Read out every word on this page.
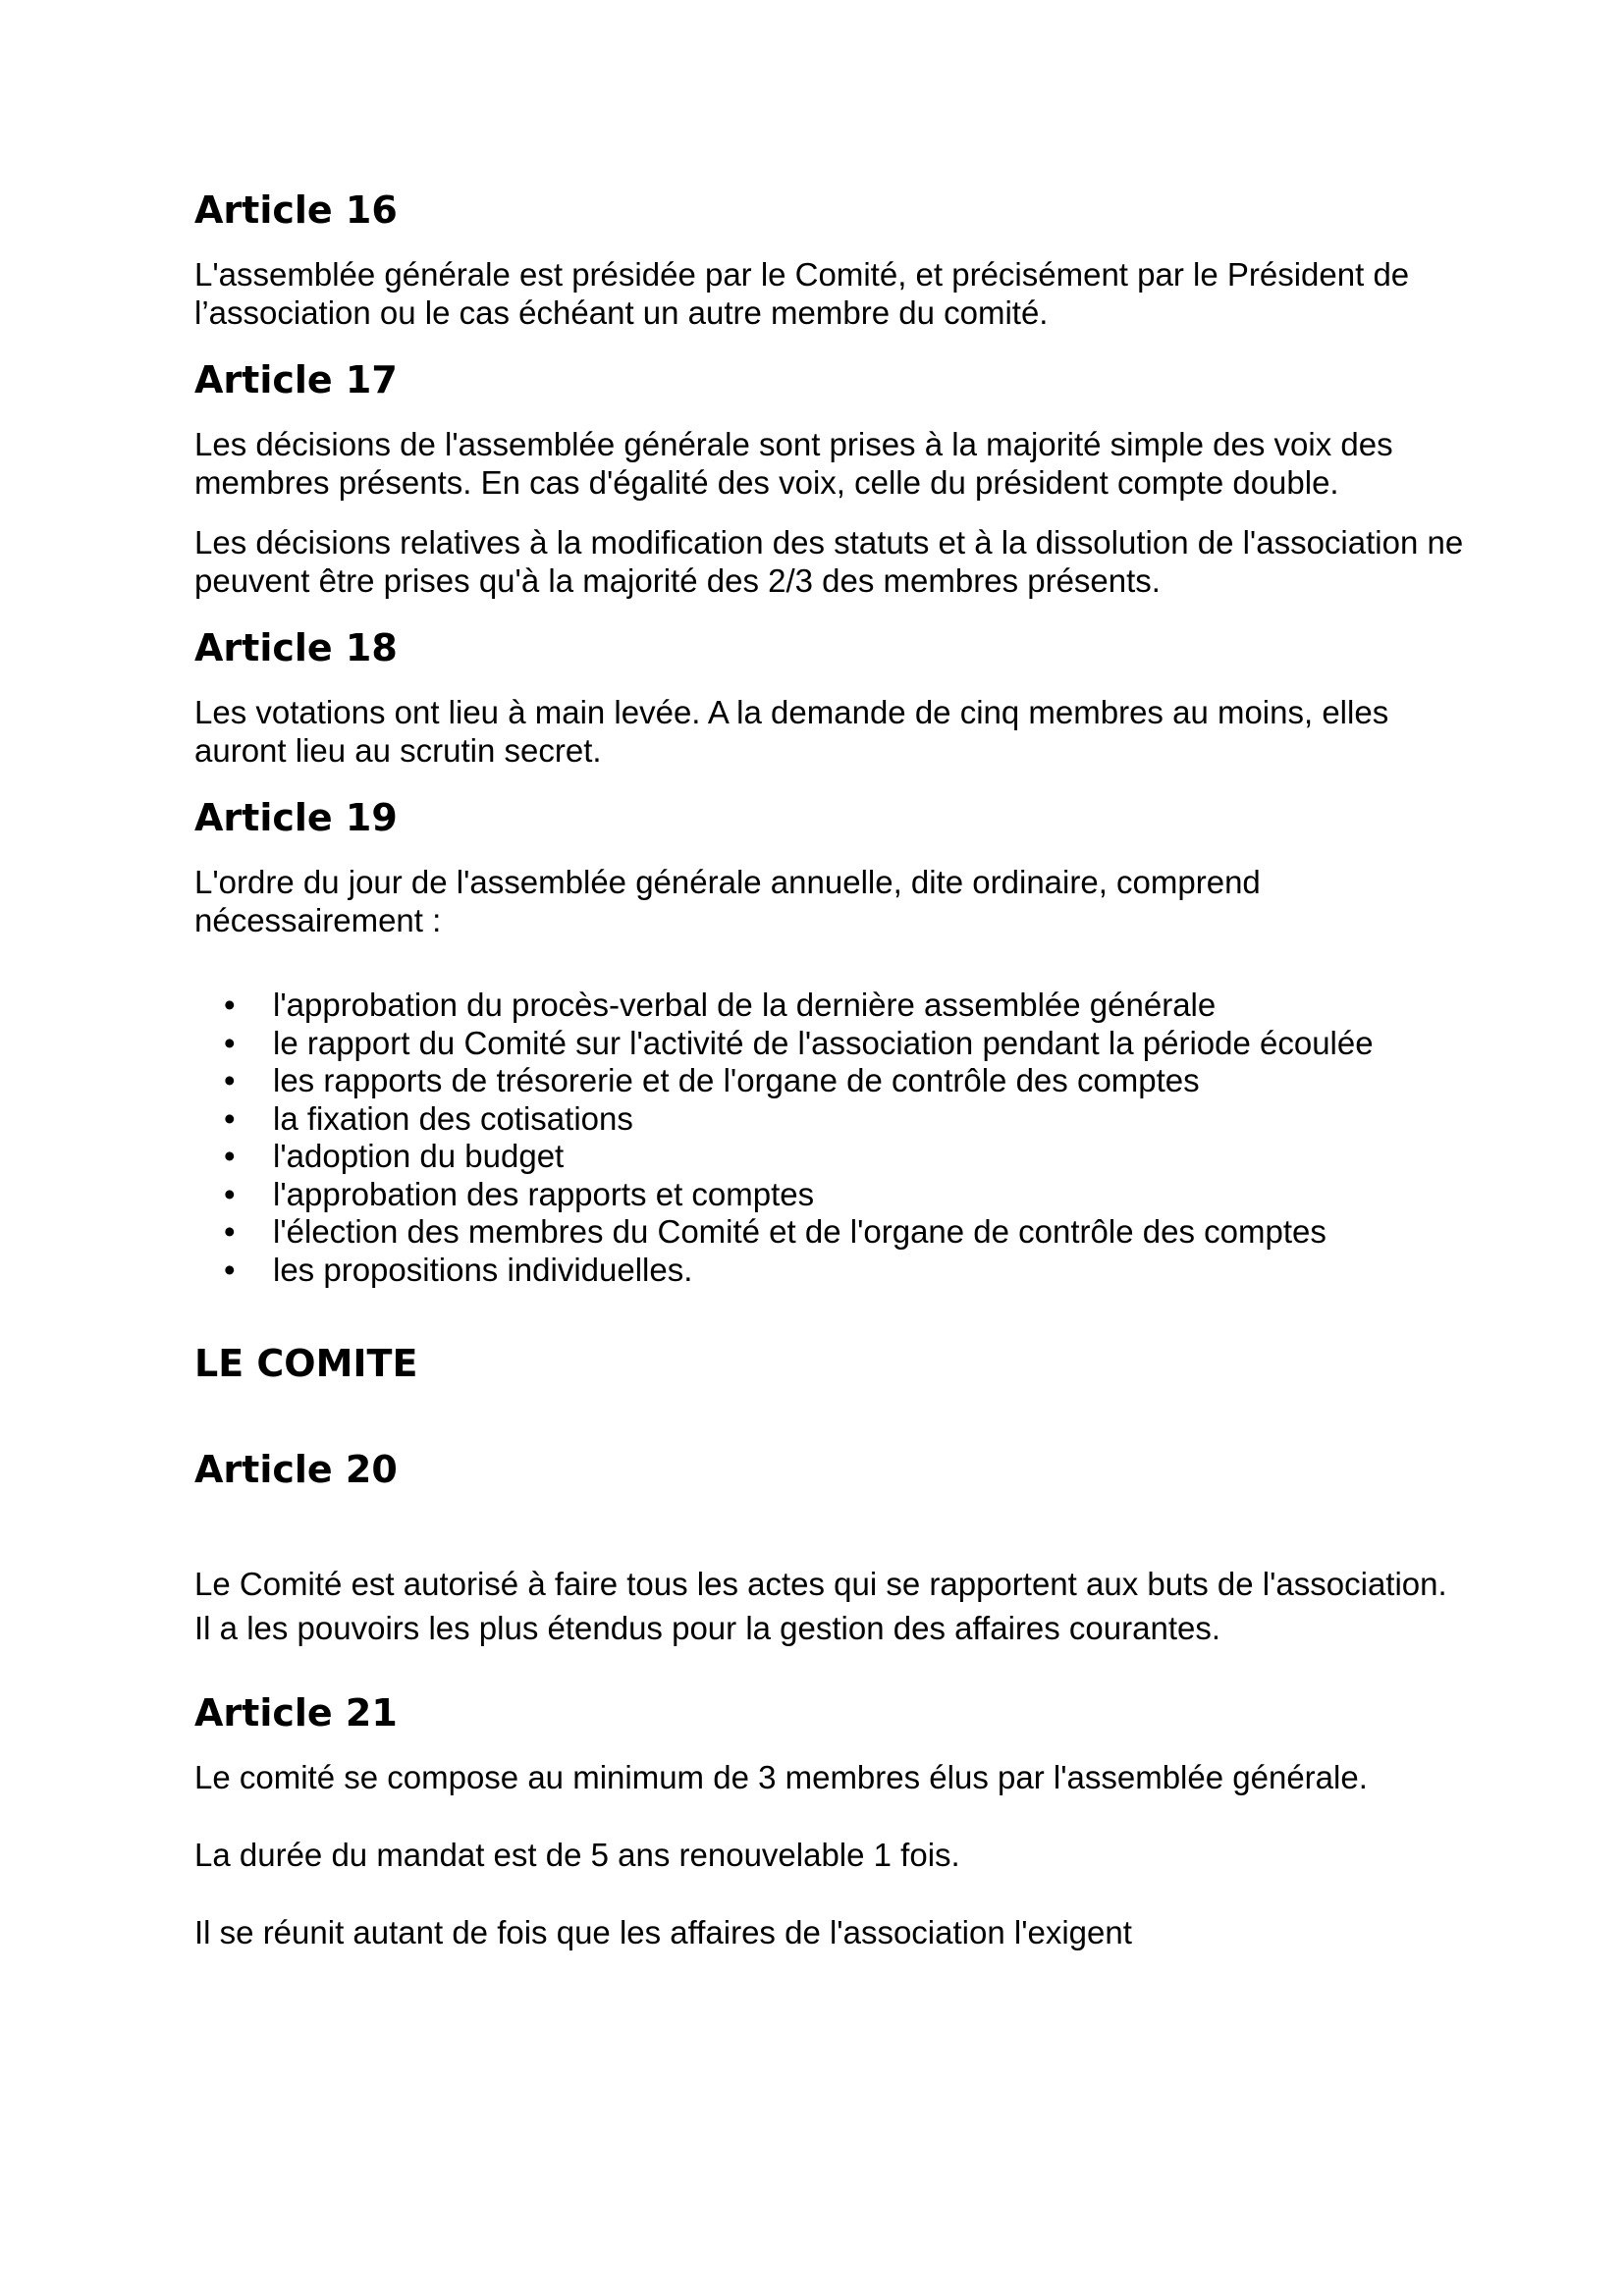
Article 16

L'assemblée générale est présidée par le Comité, et précisément par le Président de l’association ou le cas échéant un autre membre du comité.

Article 17

Les décisions de l'assemblée générale sont prises à la majorité simple des voix des membres présents. En cas d'égalité des voix, celle du président compte double.

Les décisions relatives à la modification des statuts et à la dissolution de l'association ne peuvent être prises qu'à la majorité des 2/3 des membres présents.

Article 18

Les votations ont lieu à main levée. A la demande de cinq membres au moins, elles auront lieu au scrutin secret.

Article 19

L'ordre du jour de l'assemblée générale annuelle, dite ordinaire, comprend nécessairement :

• l'approbation du procès-verbal de la dernière assemblée générale
• le rapport du Comité sur l'activité de l'association pendant la période écoulée
• les rapports de trésorerie et de l'organe de contrôle des comptes
• la fixation des cotisations
• l'adoption du budget
• l'approbation des rapports et comptes
• l'élection des membres du Comité et de l'organe de contrôle des comptes
• les propositions individuelles.
LE COMITE
Article 20

Le Comité est autorisé à faire tous les actes qui se rapportent aux buts de l'association. Il a les pouvoirs les plus étendus pour la gestion des affaires courantes.

Article 21

Le comité se compose au minimum de 3 membres élus par l'assemblée générale.

La durée du mandat est de 5 ans renouvelable 1 fois.

Il se réunit autant de fois que les affaires de l'association l'exigent
